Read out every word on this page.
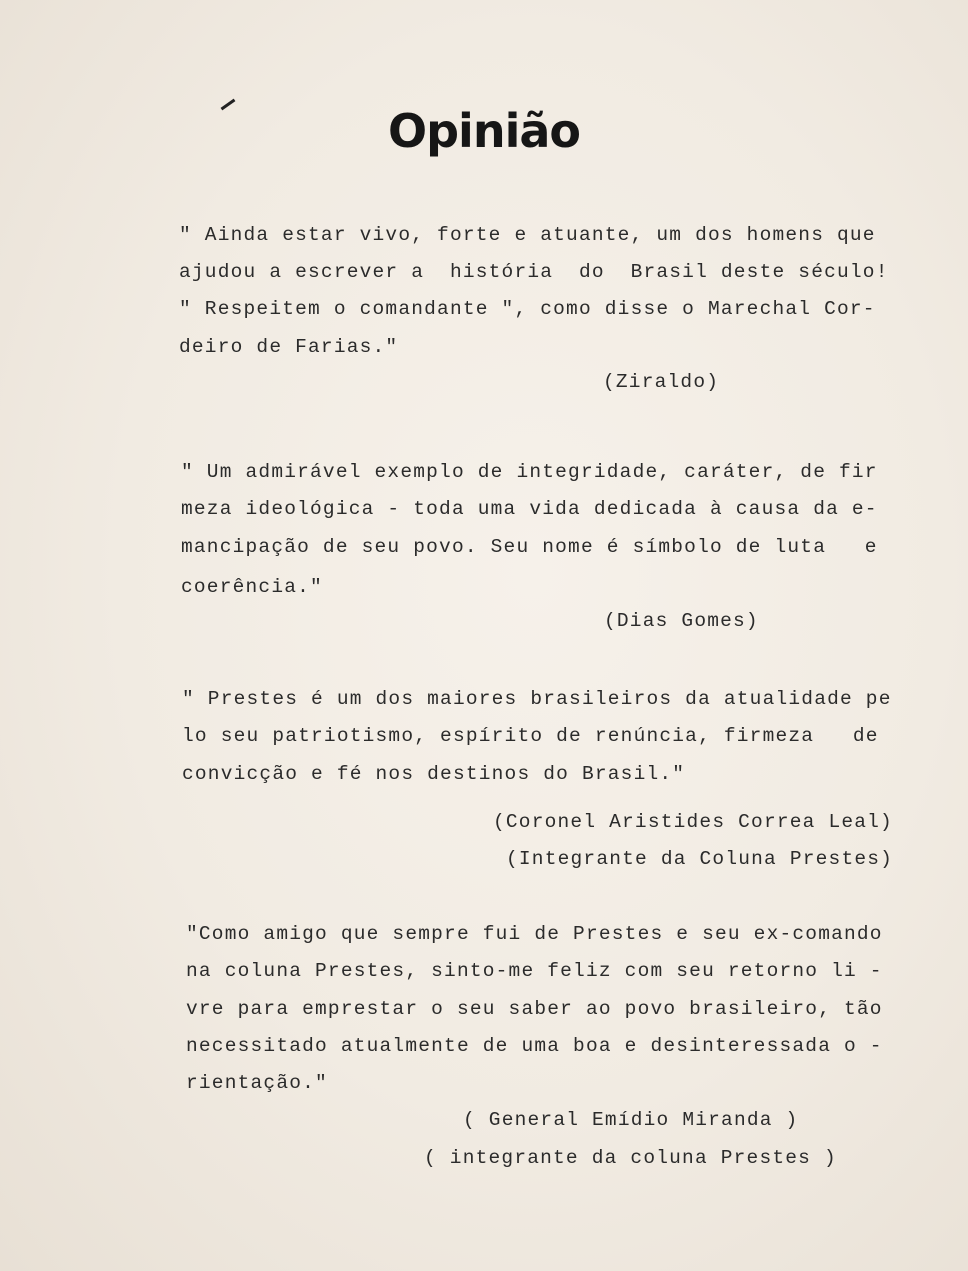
Opinião
" Ainda estar vivo, forte e atuante, um dos homens que
ajudou a escrever a  história  do  Brasil deste século!
" Respeitem o comandante ", como disse o Marechal Cor-
deiro de Farias."
(Ziraldo)
" Um admirável exemplo de integridade, caráter, de fir
meza ideológica - toda uma vida dedicada à causa da e-
mancipação de seu povo. Seu nome é símbolo de luta   e
coerência."
(Dias Gomes)
" Prestes é um dos maiores brasileiros da atualidade pe
lo seu patriotismo, espírito de renúncia, firmeza   de
convicção e fé nos destinos do Brasil."
(Coronel Aristides Correa Leal)
(Integrante da Coluna Prestes)
"Como amigo que sempre fui de Prestes e seu ex-comando
na coluna Prestes, sinto-me feliz com seu retorno li -
vre para emprestar o seu saber ao povo brasileiro, tão
necessitado atualmente de uma boa e desinteressada o -
rientação."
( General Emídio Miranda )
( integrante da coluna Prestes )
